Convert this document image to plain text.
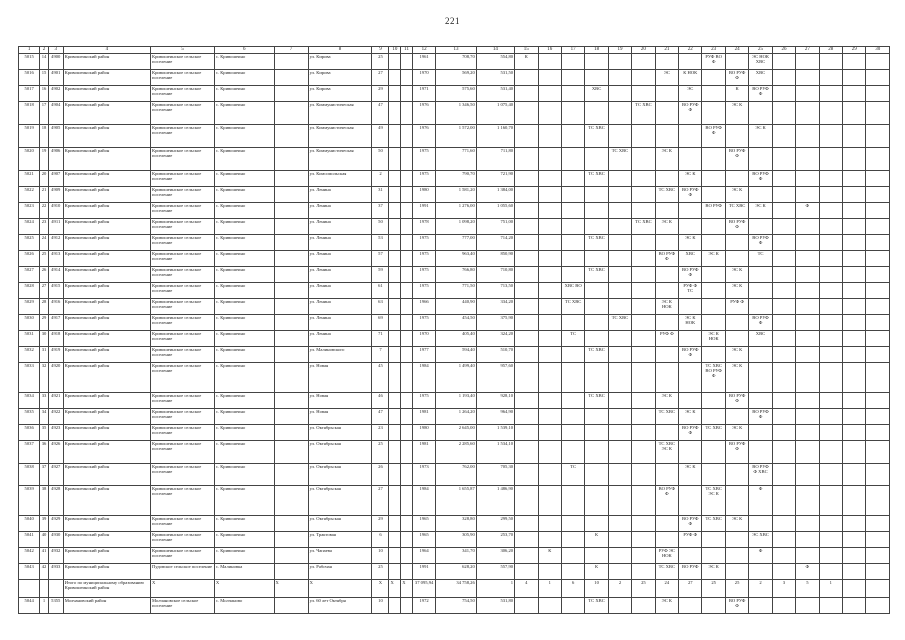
221
1	2	3	4	5	6	7	8	9	10	11	12	13	14	15	16	17	18	19	20	21	22	23	24	25	26	27	28	29	30
5015	14	4900	Кривошеинский район	Кривошеинское сельское поселение	с. Кривошеино		ул. Кирова	25			1961	708,70	554,80	К								РУФ ВО Ф		ЭС НОК ХВС					
5016	15	4901	Кривошеинский район	Кривошеинское сельское поселение	с. Кривошеино		ул. Кирова	27			1970	569,20	531,50							ЭС	К НОК		ВО РУФ Ф	ХВС					
5017	16	4902	Кривошеинский район	Кривошеинское сельское поселение	с. Кривошеино		ул. Кирова	29			1971	575,60	531,40				ХВС				ЭС		К	ВО РУФ Ф					
5018	17	4904	Кривошеинский район	Кривошеинское сельское поселение	с. Кривошеино		ул. Коммунистическая	47			1976	1 346,50	1 075,40						ТС ХВС		ВО РУФ Ф		ЭС К						
5019	18	4905	Кривошеинский район	Кривошеинское сельское поселение	с. Кривошеино		ул. Коммунистическая	49			1976	1 572,00	1 160,70				ТС ХВС					ВО РУФ Ф		ЭС К					
5020	19	4906	Кривошеинский район	Кривошеинское сельское поселение	с. Кривошеино		ул. Коммунистическая	50			1975	771,60	711,80					ТС ХВС		ЭС К			ВО РУФ Ф						
5021	20	4907	Кривошеинский район	Кривошеинское сельское поселение	с. Кривошеино		ул. Комсомольская	2			1975	790,70	721,90				ТС ХВС				ЭС К			ВО РУФ Ф					
5022	21	4909	Кривошеинский район	Кривошеинское сельское поселение	с. Кривошеино		ул. Ленина	31			1980	1 581,20	1 384,00							ТС ХВС	ВО РУФ Ф		ЭС К						
5023	22	4910	Кривошеинский район	Кривошеинское сельское поселение	с. Кривошеино		ул. Ленина	37			1991	1 276,00	1 055,60									ВО РУФ	ТС ХВС	ЭС К		Ф			
5024	23	4911	Кривошеинский район	Кривошеинское сельское поселение	с. Кривошеино		ул. Ленина	50			1978	1 098,20	751,00						ТС ХВС	ЭС К			ВО РУФ Ф						
5025	24	4912	Кривошеинский район	Кривошеинское сельское поселение	с. Кривошеино		ул. Ленина	53			1975	777,00	714,20				ТС ХВС				ЭС К			ВО РУФ Ф					
5026	25	4913	Кривошеинский район	Кривошеинское сельское поселение	с. Кривошеино		ул. Ленина	57			1975	963,40	850,90							ВО РУФ Ф	ХВС	ЭС К		ТС					
5027	26	4914	Кривошеинский район	Кривошеинское сельское поселение	с. Кривошеино		ул. Ленина	59			1975	766,80	710,80				ТС ХВС				ВО РУФ Ф		ЭС К						
5028	27	4915	Кривошеинский район	Кривошеинское сельское поселение	с. Кривошеино		ул. Ленина	61			1975	771,50	713,50			ХВС ВО					РУФ Ф ТС		ЭС К						
5029	28	4916	Кривошеинский район	Кривошеинское сельское поселение	с. Кривошеино		ул. Ленина	63			1966	440,90	334,20			ТС ХВС				ЭС К НОК			РУФ Ф						
5030	29	4917	Кривошеинский район	Кривошеинское сельское поселение	с. Кривошеино		ул. Ленина	69			1975	454,50	375,90					ТС ХВС			ЭС К НОК			ВО РУФ Ф					
5031	30	4918	Кривошеинский район	Кривошеинское сельское поселение	с. Кривошеино		ул. Ленина	71			1970	405,40	324,20			ТС				РУФ Ф		ЭС К НОК		ХВС					
5032	31	4919	Кривошеинский район	Кривошеинское сельское поселение	с. Кривошеино		ул. Малиновского	7			1977	594,40	510,70				ТС ХВС				ВО РУФ Ф		ЭС К						
5033	32	4920	Кривошеинский район	Кривошеинское сельское поселение	с. Кривошеино		ул. Новая	45			1984	1 499,40	957,60									ТС ХВС ВО РУФ Ф	ЭС К						
5034	33	4921	Кривошеинский район	Кривошеинское сельское поселение	с. Кривошеино		ул. Новая	46			1975	1 193,40	928,10				ТС ХВС			ЭС К			ВО РУФ Ф						
5035	34	4922	Кривошеинский район	Кривошеинское сельское поселение	с. Кривошеино		ул. Новая	47			1981	1 264,20	964,90							ТС ХВС	ЭС К			ВО РУФ Ф					
5036	35	4923	Кривошеинский район	Кривошеинское сельское поселение	с. Кривошеино		ул. Октябрьская	23			1980	2 645,00	1 539,10								ВО РУФ Ф	ТС ХВС	ЭС К						
5037	36	4926	Кривошеинский район	Кривошеинское сельское поселение	с. Кривошеино		ул. Октябрьская	25			1981	2 285,60	1 534,10							ТС ХВС ЭС К			ВО РУФ Ф						
5038	37	4927	Кривошеинский район	Кривошеинское сельское поселение	с. Кривошеино		ул. Октябрьская	26			1973	762,00	705,30			ТС					ЭС К			ВО РУФ Ф ХВС					
5039	38	4928	Кривошеинский район	Кривошеинское сельское поселение	с. Кривошеино		ул. Октябрьская	27			1984	1 655,87	1 486,90							ВО РУФ Ф		ТС ХВС ЭС К		Ф					
5040	39	4929	Кривошеинский район	Кривошеинское сельское поселение	с. Кривошеино		ул. Октябрьская	29			1965	328,80	299,50								ВО РУФ Ф	ТС ХВС	ЭС К						
5041	40	4930	Кривошеинский район	Кривошеинское сельское поселение	с. Кривошеино		ул. Трактовая	6			1965	305,90	253,70				К				РУФ Ф			ЭС ХВС					
5042	41	4932	Кривошеинский район	Кривошеинское сельское поселение	с. Кривошеино		ул. Чапаева	10			1964	341,70	306,20		К					РУФ ЭС НОК				Ф					
5043	42	4933	Кривошеинский район	Пудовское сельское поселение	с. Малиновка		ул. Рабочая	25			1991	628,20	557,90				К			ТС ХВС	ВО РУФ	ЭС К				Ф			
			Итого по муниципальному образованию Кривошеинский район	X	X	X	X	X	X	X	37 095,94	34 758,26	1	4	1	6	10	2	25	24	27	25	25	2	3	5	1		
5044	1	5355	Молчановский район	Молчановское сельское поселение	с. Молчаново		ул. 60 лет Октября	10			1972	754,50	531,80				ТС ХВС			ЭС К			ВО РУФ Ф						
